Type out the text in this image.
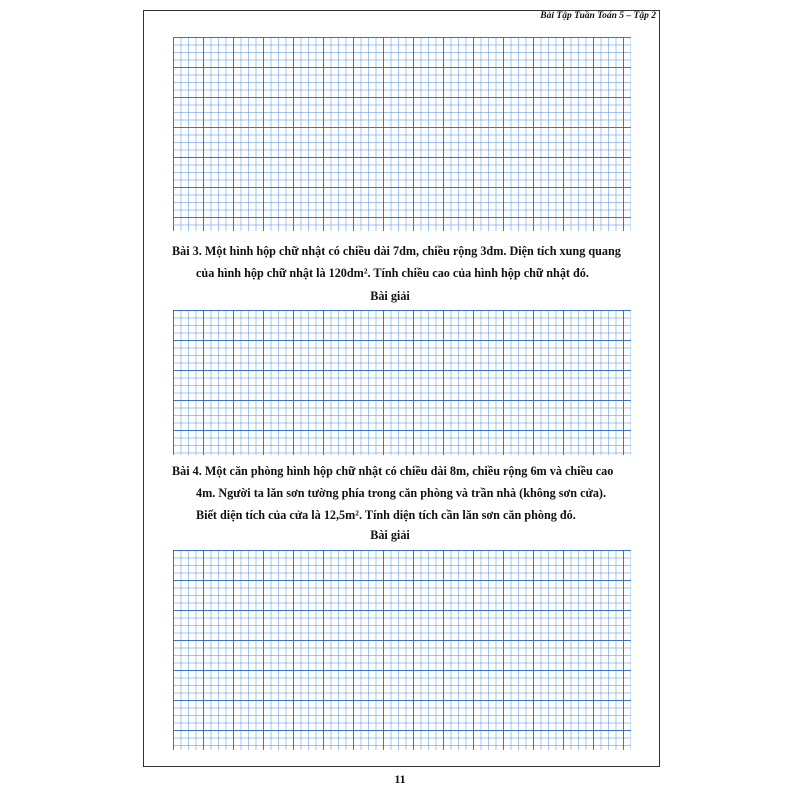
Bài Tập Tuần Toán 5 – Tập 2
Bài 3. Một hình hộp chữ nhật có chiều dài 7dm, chiều rộng 3dm. Diện tích xung quang
của hình hộp chữ nhật là 120dm². Tính chiều cao của hình hộp chữ nhật đó.
Bài giải
Bài 4. Một căn phòng hình hộp chữ nhật có chiều dài 8m, chiều rộng 6m và chiều cao
4m. Người ta lăn sơn tường phía trong căn phòng và trần nhà (không sơn cửa).
Biết diện tích của cửa là 12,5m². Tính diện tích cần lăn sơn căn phòng đó.
Bài giải
11
